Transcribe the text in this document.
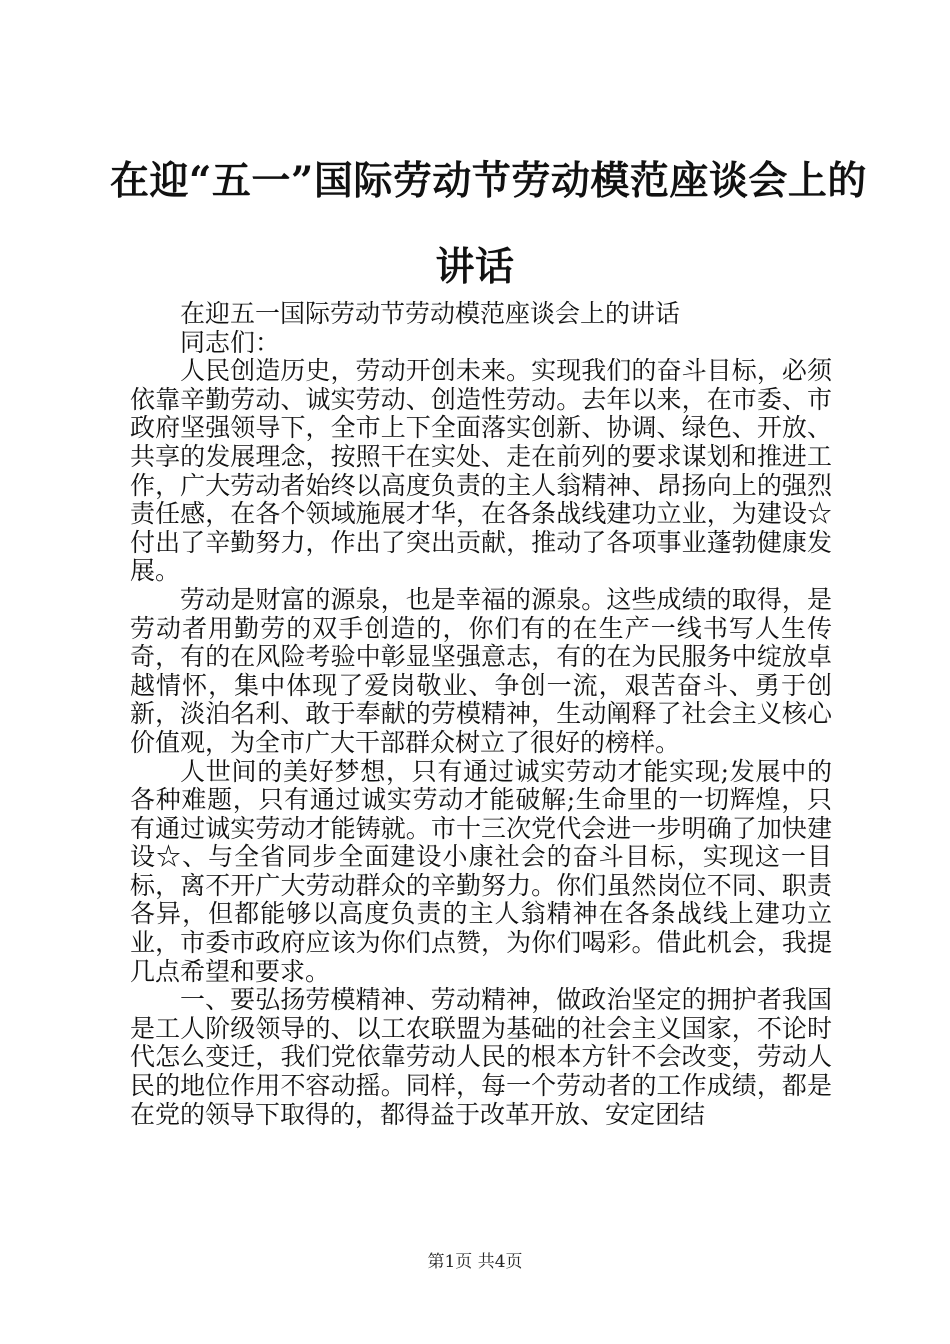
在迎“五一”国际劳动节劳动模范座谈会上的
讲话

在迎五一国际劳动节劳动模范座谈会上的讲话

同志们：

人民创造历史，劳动开创未来。实现我们的奋斗目标，必须依靠辛勤劳动、诚实劳动、创造性劳动。去年以来，在市委、市政府坚强领导下，全市上下全面落实创新、协调、绿色、开放、共享的发展理念，按照干在实处、走在前列的要求谋划和推进工作，广大劳动者始终以高度负责的主人翁精神、昂扬向上的强烈责任感，在各个领域施展才华，在各条战线建功立业，为建设☆付出了辛勤努力，作出了突出贡献，推动了各项事业蓬勃健康发展。

劳动是财富的源泉，也是幸福的源泉。这些成绩的取得，是劳动者用勤劳的双手创造的，你们有的在生产一线书写人生传奇，有的在风险考验中彰显坚强意志，有的在为民服务中绽放卓越情怀，集中体现了爱岗敬业、争创一流，艰苦奋斗、勇于创新，淡泊名利、敢于奉献的劳模精神，生动阐释了社会主义核心价值观，为全市广大干部群众树立了很好的榜样。

人世间的美好梦想，只有通过诚实劳动才能实现;发展中的各种难题，只有通过诚实劳动才能破解;生命里的一切辉煌，只有通过诚实劳动才能铸就。市十三次党代会进一步明确了加快建设☆、与全省同步全面建设小康社会的奋斗目标，实现这一目标，离不开广大劳动群众的辛勤努力。你们虽然岗位不同、职责各异，但都能够以高度负责的主人翁精神在各条战线上建功立业，市委市政府应该为你们点赞，为你们喝彩。借此机会，我提几点希望和要求。

一、要弘扬劳模精神、劳动精神，做政治坚定的拥护者我国是工人阶级领导的、以工农联盟为基础的社会主义国家，不论时代怎么变迁，我们党依靠劳动人民的根本方针不会改变，劳动人民的地位作用不容动摇。同样，每一个劳动者的工作成绩，都是在党的领导下取得的，都得益于改革开放、安定团结

第1页 共4页
